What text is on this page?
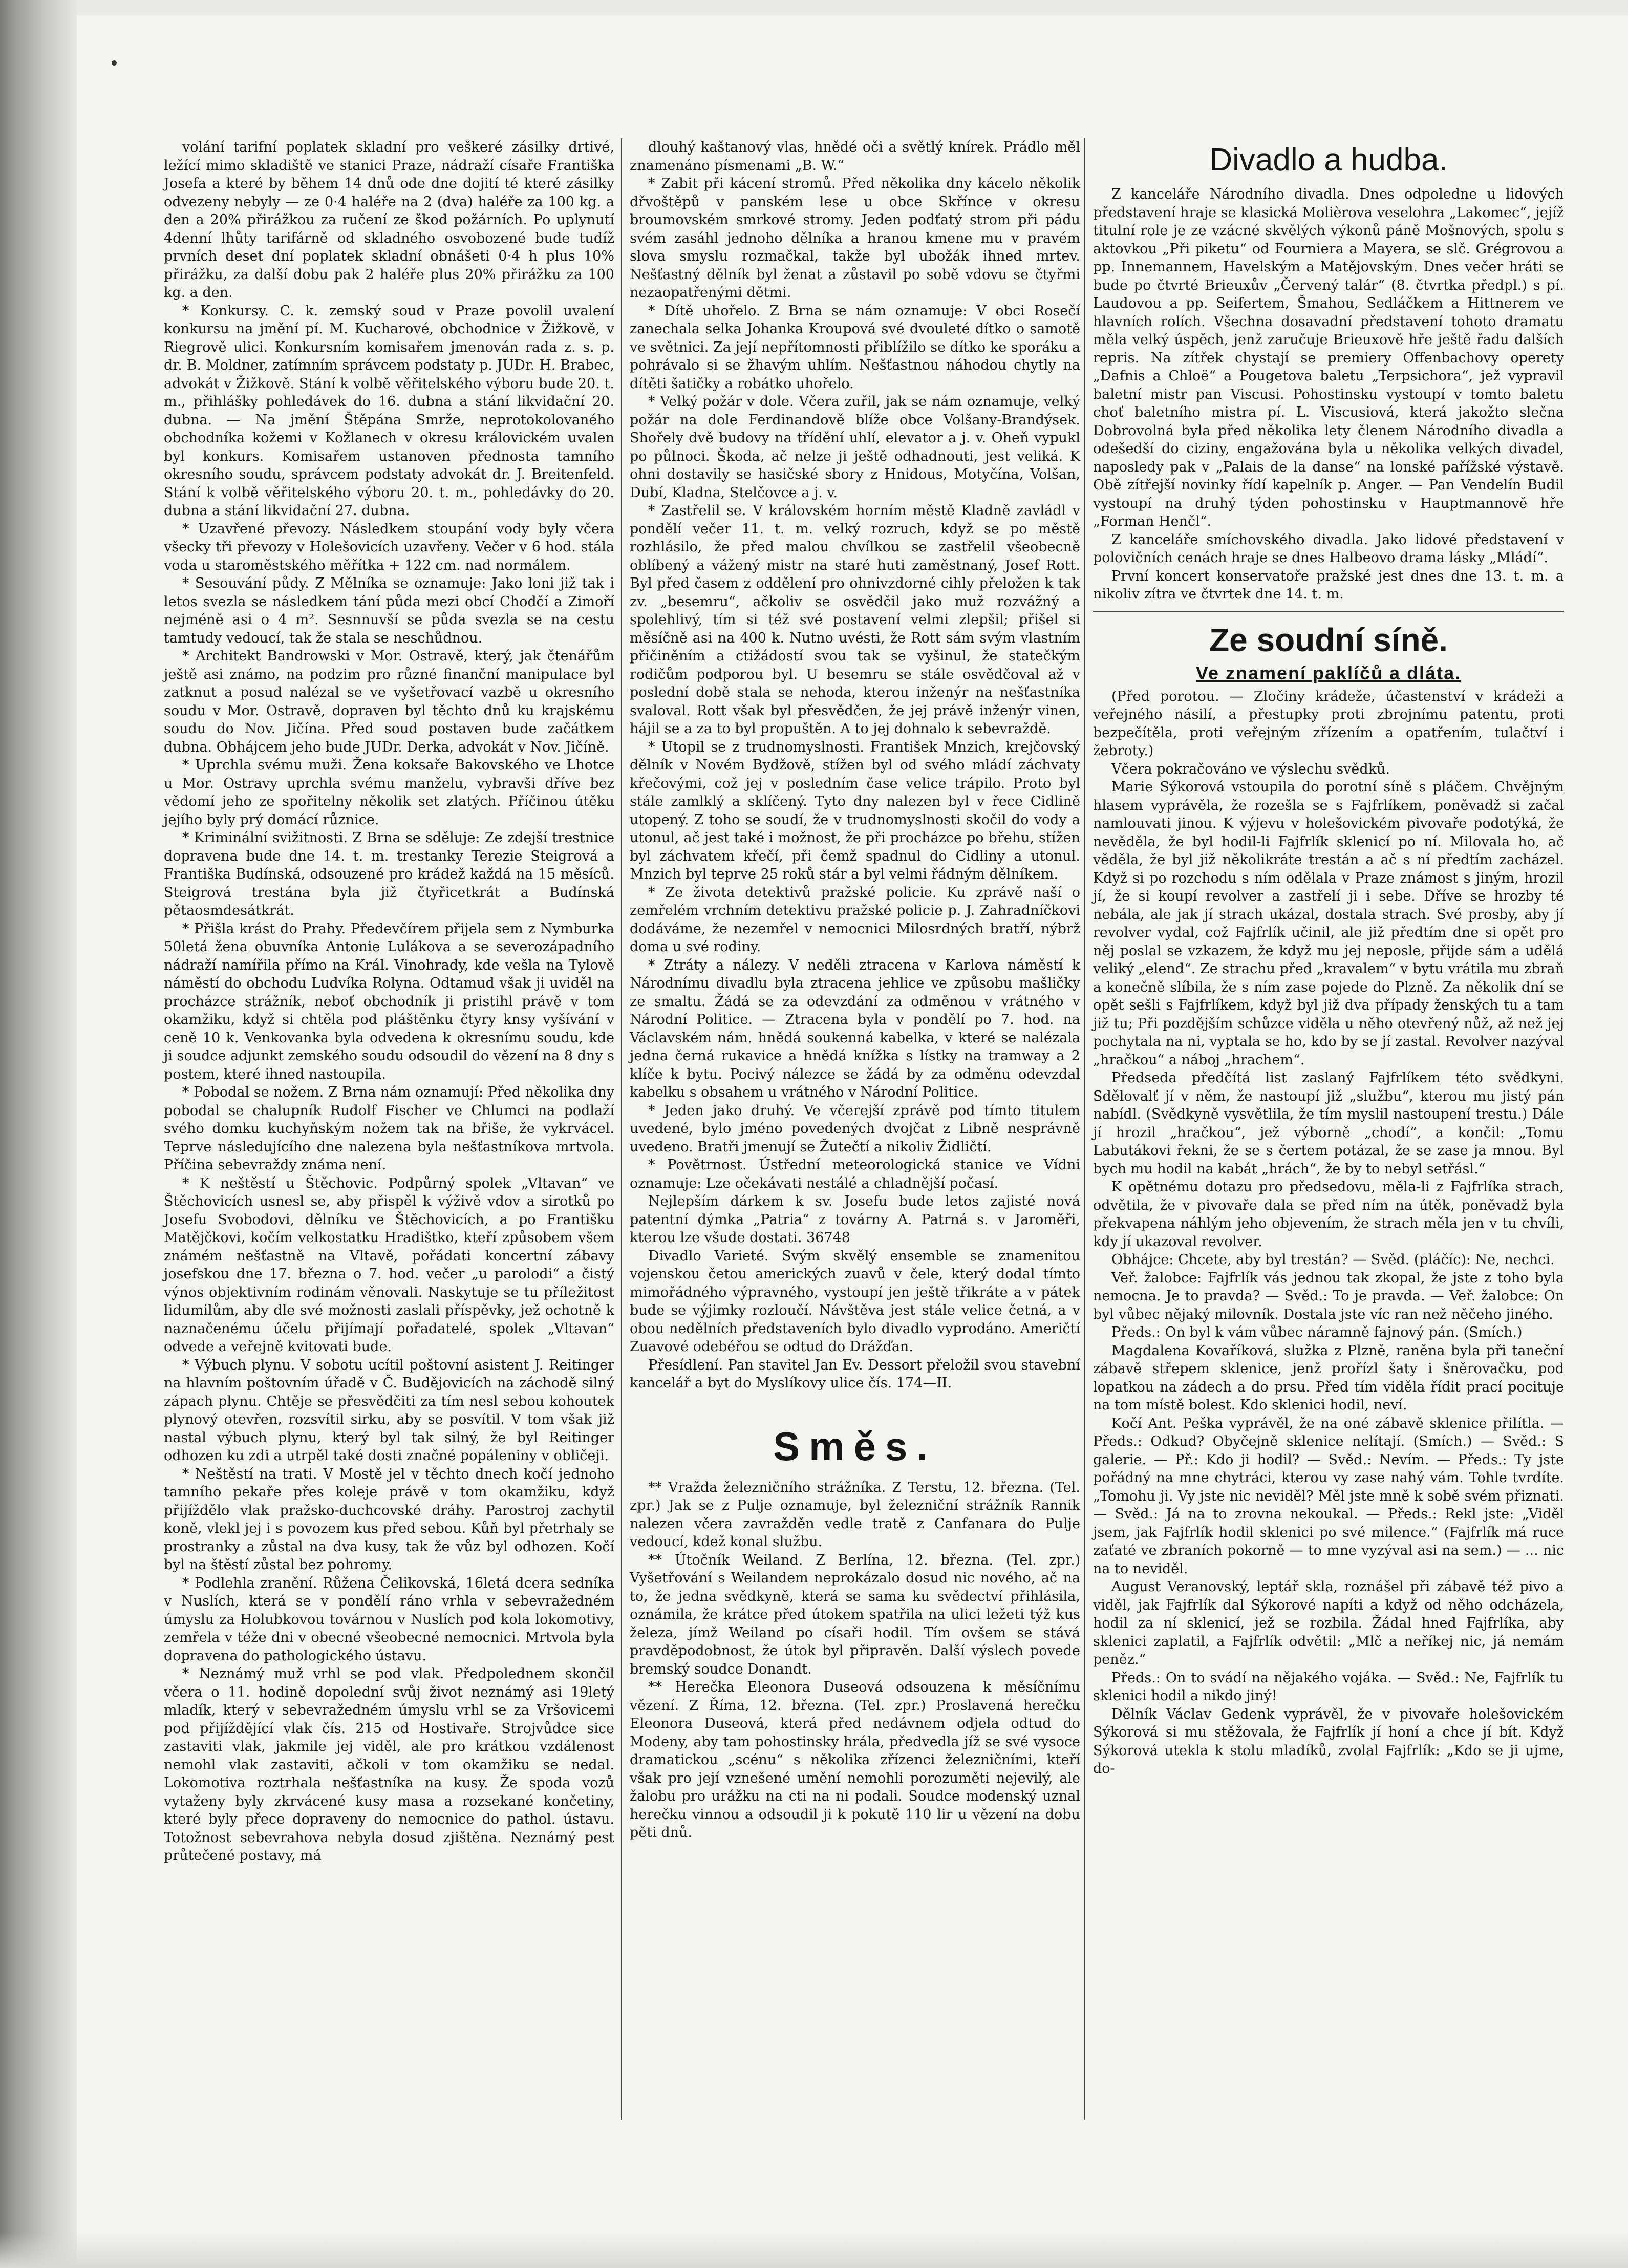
volání tarifní poplatek skladní pro veškeré zásilky drtivé, ležící mimo skladiště ve stanici Praze, nádraží císaře Františka Josefa a které by během 14 dnů ode dne dojití té které zásilky odvezeny nebyly — ze 0·4 haléře na 2 (dva) haléře za 100 kg. a den a 20% přirážkou za ručení ze škod požárních. Po uplynutí 4denní lhůty tarifárně od skladného osvobozené bude tudíž prvních deset dní poplatek skladní obnášeti 0·4 h plus 10% přirážku, za další dobu pak 2 haléře plus 20% přirážku za 100 kg. a den.

* Konkursy. C. k. zemský soud v Praze povolil uvalení konkursu na jmění pí. M. Kucharové, obchodnice v Žižkově, v Riegrově ulici. Konkursním komisařem jmenován rada z. s. p. dr. B. Moldner, zatímním správcem podstaty p. JUDr. H. Brabec, advokát v Žižkově. Stání k volbě věřitelského výboru bude 20. t. m., přihlášky pohledávek do 16. dubna a stání likvidační 20. dubna. — Na jmění Štěpána Smrže, neprotokolovaného obchodníka kožemi v Kožlanech v okresu královickém uvalen byl konkurs. Komisařem ustanoven přednosta tamního okresního soudu, správcem podstaty advokát dr. J. Breitenfeld. Stání k volbě věřitelského výboru 20. t. m., pohledávky do 20. dubna a stání likvidační 27. dubna.

* Uzavřené převozy. Následkem stoupání vody byly včera všecky tři převozy v Holešovicích uzavřeny. Večer v 6 hod. stála voda u staroměstského měřítka + 122 cm. nad normálem.

* Sesouvání půdy. Z Mělníka se oznamuje: Jako loni již tak i letos svezla se následkem tání půda mezi obcí Chodčí a Zimoří nejméně asi o 4 m². Sesnnuvší se půda svezla se na cestu tamtudy vedoucí, tak že stala se neschůdnou.

* Architekt Bandrowski v Mor. Ostravě, který, jak čtenářům ještě asi známo, na podzim pro různé finanční manipulace byl zatknut a posud nalézal se ve vyšetřovací vazbě u okresního soudu v Mor. Ostravě, dopraven byl těchto dnů ku krajskému soudu do Nov. Jičína. Před soud postaven bude začátkem dubna. Obhájcem jeho bude JUDr. Derka, advokát v Nov. Jičíně.

* Uprchla svému muži. Žena koksaře Bakovského ve Lhotce u Mor. Ostravy uprchla svému manželu, vybravši dříve bez vědomí jeho ze spořitelny několik set zlatých. Příčinou útěku jejího byly prý domácí různice.

* Kriminální svižitnosti. Z Brna se sděluje: Ze zdejší trestnice dopravena bude dne 14. t. m. trestanky Terezie Steigrová a Františka Budínská, odsouzené pro krádež každá na 15 měsíců. Steigrová trestána byla již čtyřicetkrát a Budínská pětaosmdesátkrát.

* Přišla krást do Prahy. Předevčírem přijela sem z Nymburka 50letá žena obuvníka Antonie Lulákova a se severozápadního nádraží namířila přímo na Král. Vinohrady, kde vešla na Tylově náměstí do obchodu Ludvíka Rolyna. Odtamud však ji uviděl na procházce strážník, neboť obchodník ji pristihl právě v tom okamžiku, když si chtěla pod pláštěnku čtyry knsy vyšívání v ceně 10 k. Venkovanka byla odvedena k okresnímu soudu, kde ji soudce adjunkt zemského soudu odsoudil do vězení na 8 dny s postem, které ihned nastoupila.

* Pobodal se nožem. Z Brna nám oznamují: Před několika dny pobodal se chalupník Rudolf Fischer ve Chlumci na podlaží svého domku kuchyňským nožem tak na břiše, že vykrvácel. Teprve následujícího dne nalezena byla nešťastníkova mrtvola. Příčina sebevraždy známa není.

* K neštěstí u Štěchovic. Podpůrný spolek „Vltavan“ ve Štěchovicích usnesl se, aby přispěl k výživě vdov a sirotků po Josefu Svobodovi, dělníku ve Štěchovicích, a po Františku Matějčkovi, kočím velkostatku Hradištko, kteří způsobem všem známém nešťastně na Vltavě, pořádati koncertní zábavy josefskou dne 17. března o 7. hod. večer „u parolodi“ a čistý výnos objektivním rodinám věnovali. Naskytuje se tu příležitost lidumilům, aby dle své možnosti zaslali příspěvky, jež ochotně k naznačenému účelu přijímají pořadatelé, spolek „Vltavan“ odvede a veřejně kvitovati bude.

* Výbuch plynu. V sobotu ucítil poštovní asistent J. Reitinger na hlavním poštovním úřadě v Č. Budějovicích na záchodě silný zápach plynu. Chtěje se přesvědčiti za tím nesl sebou kohoutek plynový otevřen, rozsvítil sirku, aby se posvítil. V tom však již nastal výbuch plynu, který byl tak silný, že byl Reitinger odhozen ku zdi a utrpěl také dosti značné popáleniny v obličeji.

* Neštěstí na trati. V Mostě jel v těchto dnech kočí jednoho tamního pekaře přes koleje právě v tom okamžiku, když přijíždělo vlak pražsko-duchcovské dráhy. Parostroj zachytil koně, vlekl jej i s povozem kus před sebou. Kůň byl přetrhaly se prostranky a zůstal na dva kusy, tak že vůz byl odhozen. Kočí byl na štěstí zůstal bez pohromy.

* Podlehla zranění. Růžena Čelikovská, 16letá dcera sedníka v Nuslích, která se v pondělí ráno vrhla v sebevražedném úmyslu za Holubkovou továrnou v Nuslích pod kola lokomotivy, zemřela v téže dni v obecné všeobecné nemocnici. Mrtvola byla dopravena do pathologického ústavu.

* Neznámý muž vrhl se pod vlak. Předpolednem skončil včera o 11. hodině dopolední svůj život neznámý asi 19letý mladík, který v sebevražedném úmyslu vrhl se za Vršovicemi pod přijíždějící vlak čís. 215 od Hostivaře. Strojvůdce sice zastaviti vlak, jakmile jej viděl, ale pro krátkou vzdálenost nemohl vlak zastaviti, ačkoli v tom okamžiku se nedal. Lokomotiva roztrhala nešťastníka na kusy. Že spoda vozů vytaženy byly zkrvácené kusy masa a rozsekané končetiny, které byly přece dopraveny do nemocnice do pathol. ústavu. Totožnost sebevrahova nebyla dosud zjištěna. Neznámý pest průtečené postavy, má

dlouhý kaštanový vlas, hnědé oči a světlý knírek. Prádlo měl znamenáno písmenami „B. W.“

* Zabit při kácení stromů. Před několika dny kácelo několik dřvoštěpů v panském lese u obce Skřínce v okresu broumovském smrkové stromy. Jeden podťatý strom při pádu svém zasáhl jednoho dělníka a hranou kmene mu v pravém slova smyslu rozmačkal, takže byl ubožák ihned mrtev. Nešťastný dělník byl ženat a zůstavil po sobě vdovu se čtyřmi nezaopatřenými dětmi.

* Dítě uhořelo. Z Brna se nám oznamuje: V obci Rosečí zanechala selka Johanka Kroupová své dvouleté dítko o samotě ve světnici. Za její nepřítomnosti přiblížilo se dítko ke sporáku a pohrávalo si se žhavým uhlím. Nešťastnou náhodou chytly na dítěti šatičky a robátko uhořelo.

* Velký požár v dole. Včera zuřil, jak se nám oznamuje, velký požár na dole Ferdinandově blíže obce Volšany-Brandýsek. Shořely dvě budovy na třídění uhlí, elevator a j. v. Oheň vypukl po půlnoci. Škoda, ač nelze ji ještě odhadnouti, jest veliká. K ohni dostavily se hasičské sbory z Hnidous, Motyčína, Volšan, Dubí, Kladna, Stelčovce a j. v.

* Zastřelil se. V královském horním městě Kladně zavládl v pondělí večer 11. t. m. velký rozruch, když se po městě rozhlásilo, že před malou chvílkou se zastřelil všeobecně oblíbený a vážený mistr na staré huti zaměstnaný, Josef Rott. Byl před časem z oddělení pro ohnivzdorné cihly přeložen k tak zv. „besemru“, ačkoliv se osvědčil jako muž rozvážný a spolehlivý, tím si též své postavení velmi zlepšil; přišel si měsíčně asi na 400 k. Nutno uvésti, že Rott sám svým vlastním přičiněním a ctižádostí svou tak se vyšinul, že statečkým rodičům podporou byl. U besemru se stále osvědčoval až v poslední době stala se nehoda, kterou inženýr na nešťastníka svaloval. Rott však byl přesvědčen, že jej právě inženýr vinen, hájil se a za to byl propuštěn. A to jej dohnalo k sebevraždě.

* Utopil se z trudnomyslnosti. František Mnzich, krejčovský dělník v Novém Bydžově, stížen byl od svého mládí záchvaty křečovými, což jej v posledním čase velice trápilo. Proto byl stále zamlklý a sklíčený. Tyto dny nalezen byl v řece Cidlině utopený. Z toho se soudí, že v trudnomyslnosti skočil do vody a utonul, ač jest také i možnost, že při procházce po břehu, stížen byl záchvatem křečí, při čemž spadnul do Cidliny a utonul. Mnzich byl teprve 25 roků stár a byl velmi řádným dělníkem.

* Ze života detektivů pražské policie. Ku zprávě naší o zemřelém vrchním detektivu pražské policie p. J. Zahradníčkovi dodáváme, že nezemřel v nemocnici Milosrdných bratří, nýbrž doma u své rodiny.

* Ztráty a nálezy. V neděli ztracena v Karlova náměstí k Národnímu divadlu byla ztracena jehlice ve způsobu mašličky ze smaltu. Žádá se za odevzdání za odměnou v vrátného v Národní Politice. — Ztracena byla v pondělí po 7. hod. na Václavském nám. hnědá soukenná kabelka, v které se nalézala jedna černá rukavice a hnědá knížka s lístky na tramway a 2 klíče k bytu. Pocivý nálezce se žádá by za odměnu odevzdal kabelku s obsahem u vrátného v Národní Politice.

* Jeden jako druhý. Ve včerejší zprávě pod tímto titulem uvedené, bylo jméno povedených dvojčat z Libně nesprávně uvedeno. Bratři jmenují se Žutečtí a nikoliv Židličtí.

* Povětrnost. Ústřední meteorologická stanice ve Vídni oznamuje: Lze očekávati nestálé a chladnější počasí.

Nejlepším dárkem k sv. Josefu bude letos zajisté nová patentní dýmka „Patria“ z továrny A. Patrná s. v Jaroměři, kterou lze všude dostati. 36748

Divadlo Varieté. Svým skvělý ensemble se znamenitou vojenskou četou amerických zuavů v čele, který dodal tímto mimořádného výpravného, vystoupí jen ještě třikráte a v pátek bude se výjimky rozloučí. Návštěva jest stále velice četná, a v obou nedělních představeních bylo divadlo vyprodáno. Američtí Zuavové odebéřou se odtud do Drážďan.

Přesídlení. Pan stavitel Jan Ev. Dessort přeložil svou stavební kancelář a byt do Myslíkovy ulice čís. 174—II.

Směs.

** Vražda železničního strážníka. Z Terstu, 12. března. (Tel. zpr.) Jak se z Pulje oznamuje, byl železniční strážník Rannik nalezen včera zavražděn vedle tratě z Canfanara do Pulje vedoucí, kdež konal službu.

** Útočník Weiland. Z Berlína, 12. března. (Tel. zpr.) Vyšetřování s Weilandem neprokázalo dosud nic nového, ač na to, že jedna svědkyně, která se sama ku svědectví přihlásila, oznámila, že krátce před útokem spatřila na ulici ležeti týž kus železa, jímž Weiland po císaři hodil. Tím ovšem se stává pravděpodobnost, že útok byl připravěn. Další výslech povede bremský soudce Donandt.

** Herečka Eleonora Duseová odsouzena k měsíčnímu vězení. Z Říma, 12. března. (Tel. zpr.) Proslavená herečku Eleonora Duseová, která před nedávnem odjela odtud do Modeny, aby tam pohostinsky hrála, předvedla jíž se své vysoce dramatickou „scénu“ s několika zřízenci železničními, kteří však pro její vznešené umění nemohli porozuměti nejevilý, ale žalobu pro urážku na cti na ni podali. Soudce modenský uznal herečku vinnou a odsoudil ji k pokutě 110 lir u vězení na dobu pěti dnů.

Divadlo a hudba.

Z kanceláře Národního divadla. Dnes odpoledne u lidových představení hraje se klasická Molièrova veselohra „Lakomec“, jejíž titulní role je ze vzácné skvělých výkonů páně Mošnových, spolu s aktovkou „Při piketu“ od Fourniera a Mayera, se slč. Grégrovou a pp. Innemannem, Havelským a Matějovským. Dnes večer hráti se bude po čtvrté Brieuxův „Červený talár“ (8. čtvrtka předpl.) s pí. Laudovou a pp. Seifertem, Šmahou, Sedláčkem a Hittnerem ve hlavních rolích. Všechna dosavadní představení tohoto dramatu měla velký úspěch, jenž zaručuje Brieuxově hře ještě řadu dalších repris. Na zítřek chystají se premiery Offenbachovy operety „Dafnis a Chloë“ a Pougetova baletu „Terpsichora“, jež vypravil baletní mistr pan Viscusi. Pohostinsku vystoupí v tomto baletu choť baletního mistra pí. L. Viscusiová, která jakožto slečna Dobrovolná byla před několika lety členem Národního divadla a odešedší do ciziny, engažována byla u několika velkých divadel, naposledy pak v „Palais de la danse“ na lonské pařížské výstavě. Obě zítřejší novinky řídí kapelník p. Anger. — Pan Vendelín Budil vystoupí na druhý týden pohostinsku v Hauptmannově hře „Forman Henčl“.

Z kanceláře smíchovského divadla. Jako lidové představení v polovičních cenách hraje se dnes Halbeovo drama lásky „Mládí“.

První koncert konservatoře pražské jest dnes dne 13. t. m. a nikoliv zítra ve čtvrtek dne 14. t. m.

Ze soudní síně.
Ve znamení paklíčů a dláta.

(Před porotou. — Zločiny krádeže, účastenství v krádeži a veřejného násilí, a přestupky proti zbrojnímu patentu, proti bezpečítěla, proti veřejným zřízením a opatřením, tulačtví i žebroty.)

Včera pokračováno ve výslechu svědků.

Marie Sýkorová vstoupila do porotní síně s pláčem. Chvějným hlasem vyprávěla, že rozešla se s Fajfrlíkem, poněvadž si začal namlouvati jinou. K výjevu v holešovickém pivovaře podotýká, že nevěděla, že byl hodil-li Fajfrlík sklenicí po ní. Milovala ho, ač věděla, že byl již několikráte trestán a ač s ní předtím zacházel. Když si po rozchodu s ním odělala v Praze známost s jiným, hrozil jí, že si koupí revolver a zastřelí ji i sebe. Dříve se hrozby té nebála, ale jak jí strach ukázal, dostala strach. Své prosby, aby jí revolver vydal, což Fajfrlík učinil, ale již předtím dne si opět pro něj poslal se vzkazem, že když mu jej neposle, přijde sám a udělá veliký „elend“. Ze strachu před „kravalem“ v bytu vrátila mu zbraň a konečně slíbila, že s ním zase pojede do Plzně. Za několik dní se opět sešli s Fajfrlíkem, když byl již dva případy ženských tu a tam již tu; Při pozdějším schůzce viděla u něho otevřený nůž, až než jej pochytala na ni, vyptala se ho, kdo by se jí zastal. Revolver nazýval „hračkou“ a náboj „hrachem“.

Předseda předčítá list zaslaný Fajfrlíkem této svědkyni. Sdělovalť jí v něm, že nastoupí již „službu“, kterou mu jistý pán nabídl. (Svědkyně vysvětlila, že tím myslil nastoupení trestu.) Dále jí hrozil „hračkou“, jež výborně „chodí“, a končil: „Tomu Labutákovi řekni, že se s čertem potázal, že se zase ja mnou. Byl bych mu hodil na kabát „hrách“, že by to nebyl setřásl.“

K opětnému dotazu pro předsedovu, měla-li z Fajfrlíka strach, odvětila, že v pivovaře dala se před ním na útěk, poněvadž byla překvapena náhlým jeho objevením, že strach měla jen v tu chvíli, kdy jí ukazoval revolver.

Obhájce: Chcete, aby byl trestán? — Svěd. (pláčíc): Ne, nechci.

Veř. žalobce: Fajfrlík vás jednou tak zkopal, že jste z toho byla nemocna. Je to pravda? — Svěd.: To je pravda. — Veř. žalobce: On byl vůbec nějaký milovník. Dostala jste víc ran než něčeho jiného.

Předs.: On byl k vám vůbec náramně fajnový pán. (Smích.)

Magdalena Kovaříková, služka z Plzně, raněna byla při taneční zábavě střepem sklenice, jenž prořízl šaty i šněrovačku, pod lopatkou na zádech a do prsu. Před tím viděla řídit prací pocituje na tom místě bolest. Kdo sklenici hodil, neví.

Kočí Ant. Peška vyprávěl, že na oné zábavě sklenice přilítla. — Předs.: Odkud? Obyčejně sklenice nelítají. (Smích.) — Svěd.: S galerie. — Př.: Kdo ji hodil? — Svěd.: Nevím. — Předs.: Ty jste pořádný na mne chytráci, kterou vy zase nahý vám. Tohle tvrdíte. „Tomohu ji. Vy jste nic neviděl? Měl jste mně k sobě svém přiznati. — Svěd.: Já na to zrovna nekoukal. — Předs.: Rekl jste: „Viděl jsem, jak Fajfrlík hodil sklenici po své milence.“ (Fajfrlík má ruce zaťaté ve zbraních pokorně — to mne vyzýval asi na sem.) — ... nic na to neviděl.

August Veranovský, leptář skla, roznášel při zábavě též pivo a viděl, jak Fajfrlík dal Sýkorové napíti a když od něho odcházela, hodil za ní sklenicí, jež se rozbila. Žádal hned Fajfrlíka, aby sklenici zaplatil, a Fajfrlík odvětil: „Mlč a neříkej nic, já nemám peněz.“

Předs.: On to svádí na nějakého vojáka. — Svěd.: Ne, Fajfrlík tu sklenici hodil a nikdo jiný!

Dělník Václav Gedenk vyprávěl, že v pivovaře holešovickém Sýkorová si mu stěžovala, že Fajfrlík jí honí a chce jí bít. Když Sýkorová utekla k stolu mladíků, zvolal Fajfrlík: „Kdo se ji ujme, do-
